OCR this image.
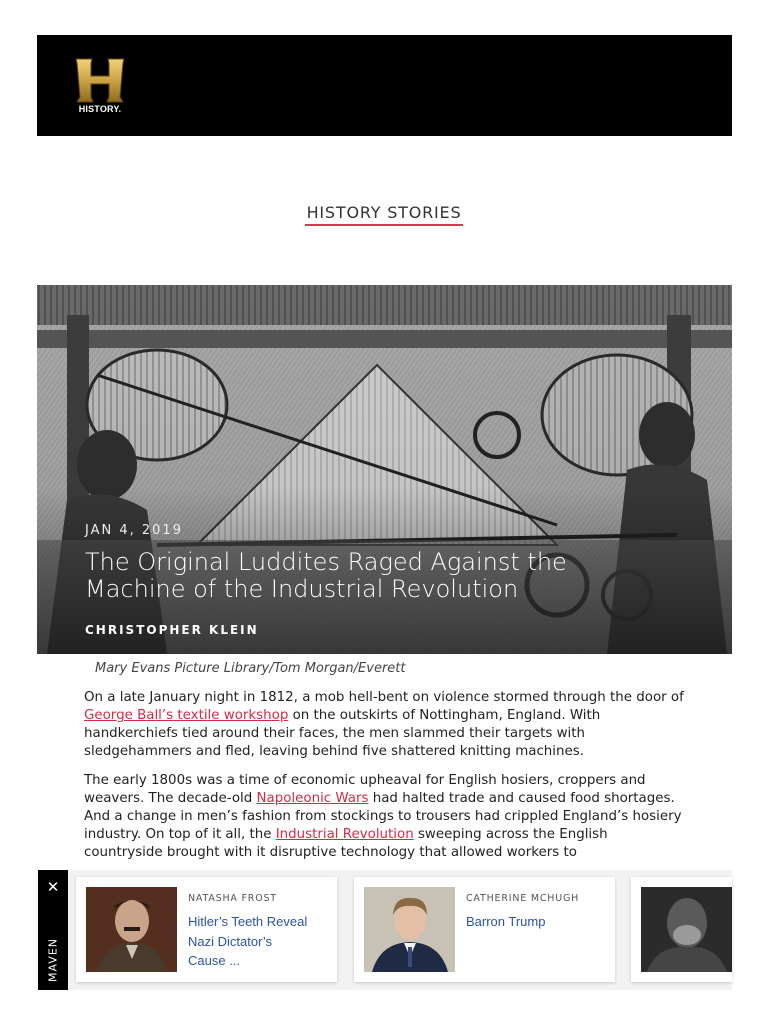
HISTORY.
HISTORY STORIES
JAN 4, 2019
The Original Luddites Raged Against the Machine of the Industrial Revolution
CHRISTOPHER KLEIN
Mary Evans Picture Library/Tom Morgan/Everett

On a late January night in 1812, a mob hell-bent on violence stormed through the door of George Ball’s textile workshop on the outskirts of Nottingham, England. With handkerchiefs tied around their faces, the men slammed their targets with sledgehammers and fled, leaving behind five shattered knitting machines.

The early 1800s was a time of economic upheaval for English hosiers, croppers and weavers. The decade-old Napoleonic Wars had halted trade and caused food shortages. And a change in men’s fashion from stockings to trousers had crippled England’s hosiery industry. On top of it all, the Industrial Revolution sweeping across the English countryside brought with it disruptive technology that allowed workers to

✕
MAVEN
NATASHA FROST
Hitler’s Teeth Reveal Nazi Dictator’s Cause ...
CATHERINE MCHUGH
Barron Trump
